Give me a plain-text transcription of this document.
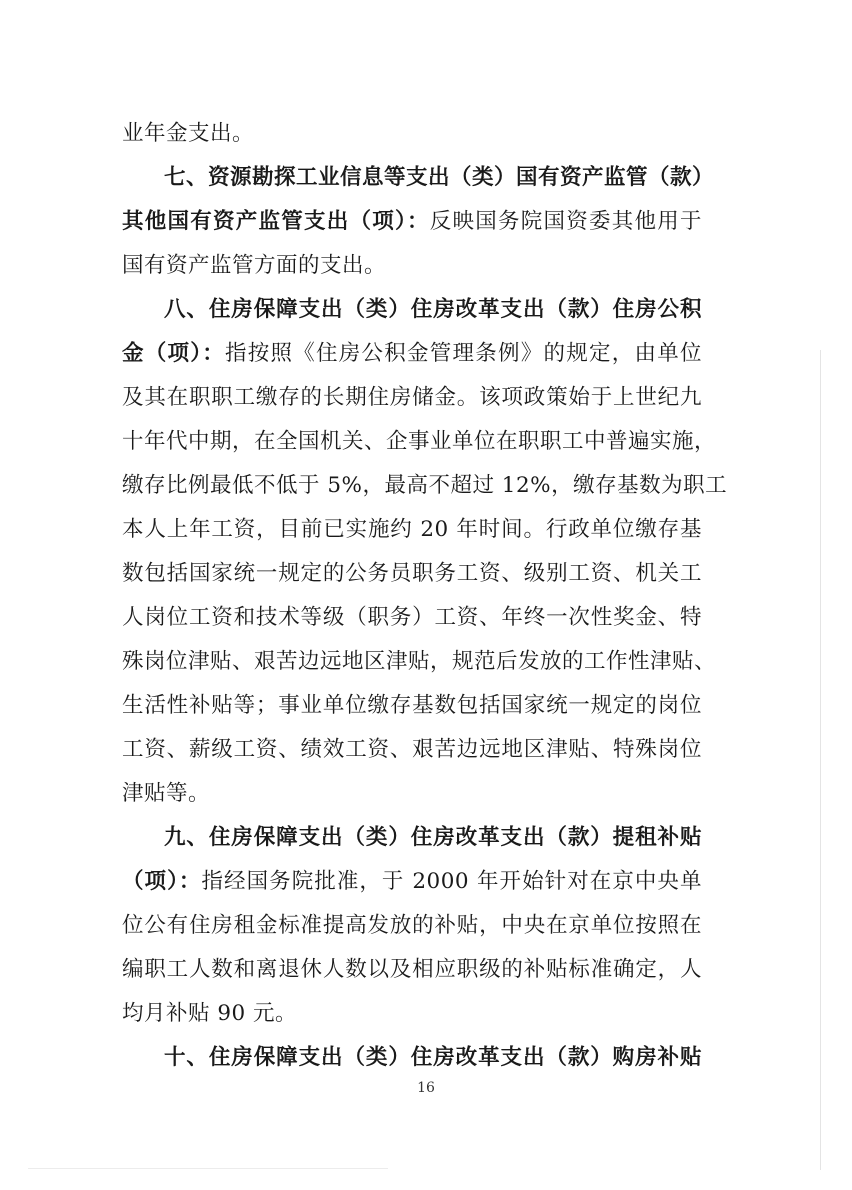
业年金支出。
七、资源勘探工业信息等支出（类）国有资产监管（款）
其他国有资产监管支出（项）：反映国务院国资委其他用于
国有资产监管方面的支出。
八、住房保障支出（类）住房改革支出（款）住房公积
金（项）：指按照《住房公积金管理条例》的规定，由单位
及其在职职工缴存的长期住房储金。该项政策始于上世纪九
十年代中期，在全国机关、企事业单位在职职工中普遍实施，
缴存比例最低不低于 5%，最高不超过 12%，缴存基数为职工
本人上年工资，目前已实施约 20 年时间。行政单位缴存基
数包括国家统一规定的公务员职务工资、级别工资、机关工
人岗位工资和技术等级（职务）工资、年终一次性奖金、特
殊岗位津贴、艰苦边远地区津贴，规范后发放的工作性津贴、
生活性补贴等；事业单位缴存基数包括国家统一规定的岗位
工资、薪级工资、绩效工资、艰苦边远地区津贴、特殊岗位
津贴等。
九、住房保障支出（类）住房改革支出（款）提租补贴
（项）：指经国务院批准，于 2000 年开始针对在京中央单
位公有住房租金标准提高发放的补贴，中央在京单位按照在
编职工人数和离退休人数以及相应职级的补贴标准确定，人
均月补贴 90 元。
十、住房保障支出（类）住房改革支出（款）购房补贴
16
